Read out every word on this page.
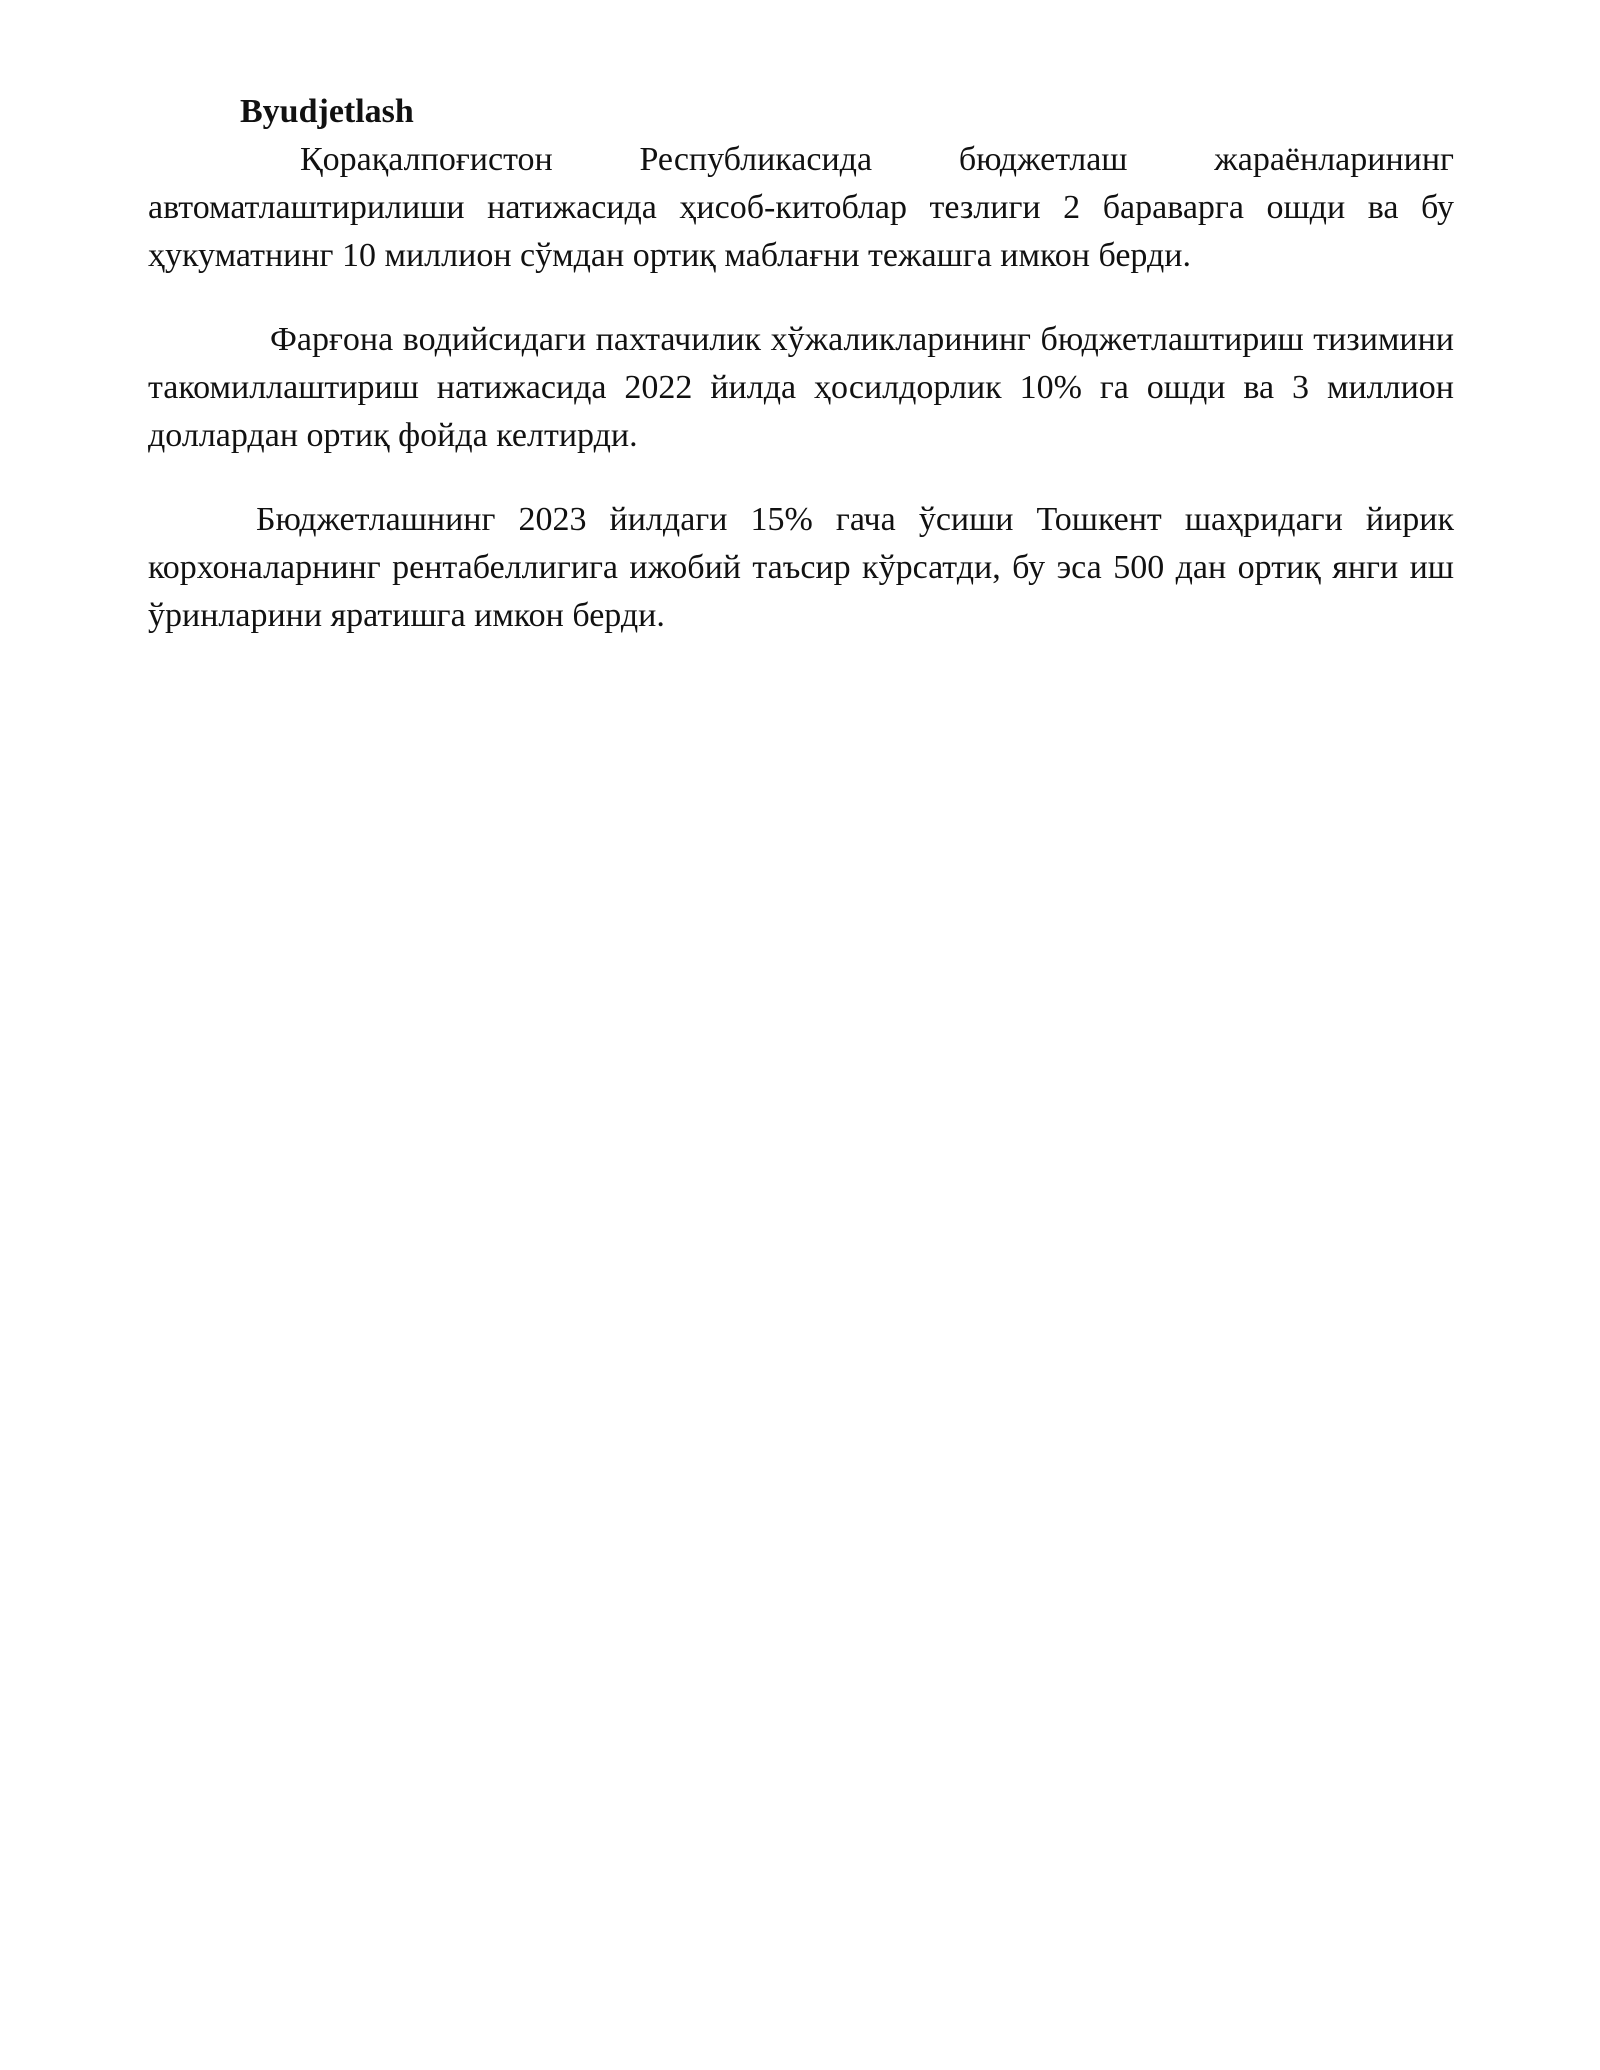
Byudjetlash

Қорақалпоғистон Республикасида бюджетлаш жараёнларининг автоматлаштирилиши натижасида ҳисоб-китоблар тезлиги 2 бараварга ошди ва бу ҳукуматнинг 10 миллион сўмдан ортиқ маблағни тежашга имкон берди.

Фарғона водийсидаги пахтачилик хўжаликларининг бюджетлаштириш тизимини такомиллаштириш натижасида 2022 йилда ҳосилдорлик 10% га ошди ва 3 миллион доллардан ортиқ фойда келтирди.

Бюджетлашнинг 2023 йилдаги 15% гача ўсиши Тошкент шаҳридаги йирик корхоналарнинг рентабеллигига ижобий таъсир кўрсатди, бу эса 500 дан ортиқ янги иш ўринларини яратишга имкон берди.
